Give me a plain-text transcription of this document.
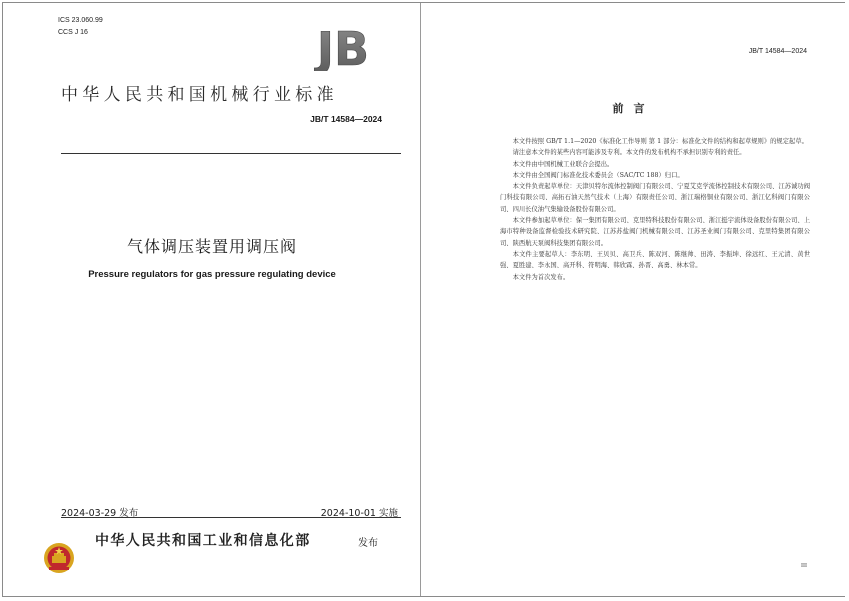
ICS 23.060.99
CCS J 16	JB
中华人民共和国机械行业标准
JB/T 14584—2024
气体调压装置用调压阀
Pressure regulators for gas pressure regulating device
2024-03-29 发布	2024-10-01 实施
中华人民共和国工业和信息化部	发布
JB/T 14584—2024
前言

本文件按照 GB/T 1.1—2020《标准化工作导则 第 1 部分：标准化文件的结构和起草规则》的规定起草。

请注意本文件的某些内容可能涉及专利。本文件的发布机构不承担识别专利的责任。

本文件由中国机械工业联合会提出。

本文件由全国阀门标准化技术委员会（SAC/TC 188）归口。

本文件负责起草单位：天津贝特尔流体控制阀门有限公司、宁夏艾克学流体控制技术有限公司、江苏诚功阀门科技有限公司、高拓石油天然气技术（上海）有限责任公司、浙江瑞格铜业有限公司、浙江亿科阀门有限公司、四川长仪油气集输设备股份有限公司。

本文件参加起草单位：保一集团有限公司、克里特科技股份有限公司、浙江挺宇流体设备股份有限公司、上海市特种设备监督检验技术研究院、江苏苏盐阀门机械有限公司、江苏圣业阀门有限公司、克里特集团有限公司、陕西航天泵阀科技集团有限公司。

本文件主要起草人：李东明、王贝贝、高卫兵、陈双河、陈继帅、田涛、李振坤、徐远红、王元清、黄世强、夏胜建、李永国、高开科、符明海、韩欣霖、孙晋、高勇、林本常。

本文件为首次发布。

III
